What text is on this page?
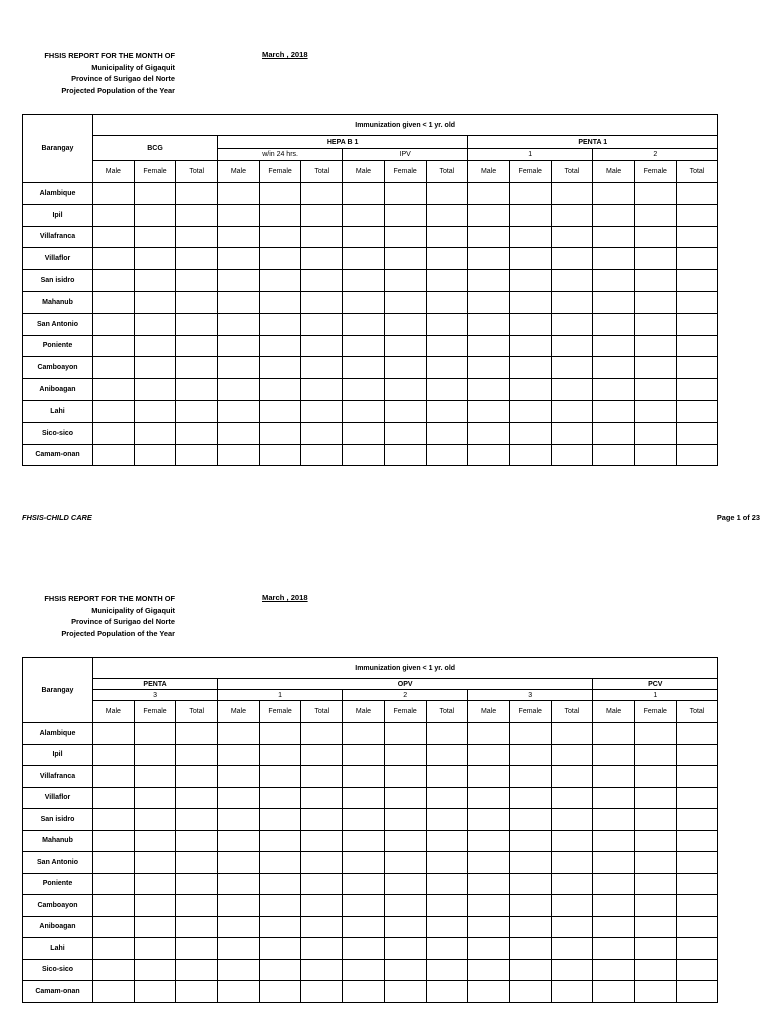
FHSIS REPORT FOR THE MONTH OF
Municipality of Gigaquit
Province of Surigao del Norte
Projected Population of the Year
March , 2018
Barangay	Immunization given < 1 yr. old														
	BCG			HEPA B 1						PENTA 1					
				w/in 24 hrs.			IPV			1			2		
	Male	Female	Total	Male	Female	Total	Male	Female	Total	Male	Female	Total	Male	Female	Total
Alambique															
Ipil															
Villafranca															
Villaflor															
San isidro															
Mahanub															
San Antonio															
Poniente															
Camboayon															
Aniboagan															
Lahi															
Sico-sico															
Camam-onan															
FHSIS-CHILD CARE	Page 1 of 23
FHSIS REPORT FOR THE MONTH OF
Municipality of Gigaquit
Province of Surigao del Norte
Projected Population of the Year
March , 2018
Barangay	Immunization given < 1 yr. old														
	PENTA			OPV									PCV		
	3			1			2			3			1		
	Male	Female	Total	Male	Female	Total	Male	Female	Total	Male	Female	Total	Male	Female	Total
Alambique															
Ipil															
Villafranca															
Villaflor															
San isidro															
Mahanub															
San Antonio															
Poniente															
Camboayon															
Aniboagan															
Lahi															
Sico-sico															
Camam-onan															
